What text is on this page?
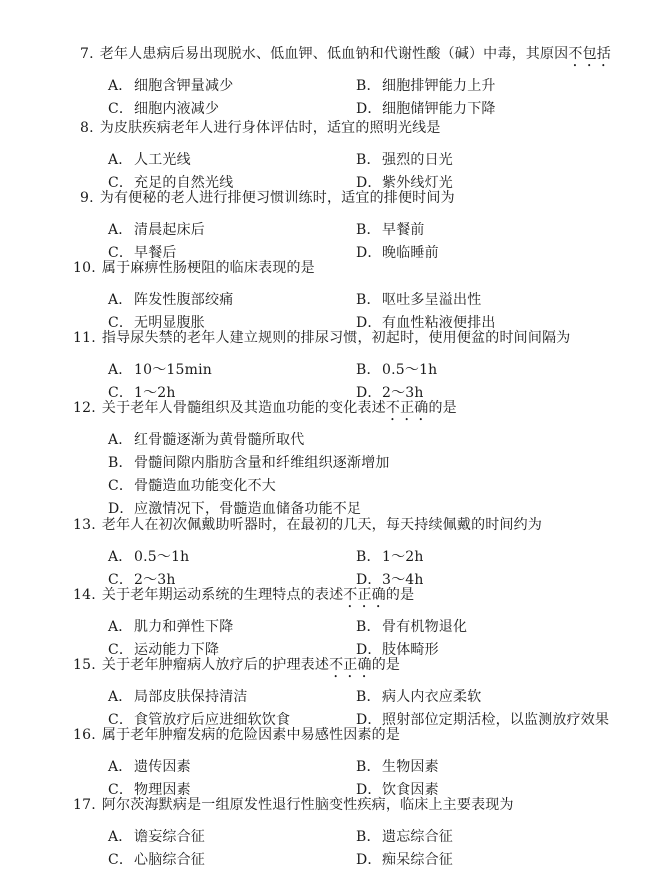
7. 老年人患病后易出现脱水、低血钾、低血钠和代谢性酸（碱）中毒，其原因不包括
A．细胞含钾量减少	B．细胞排钾能力上升
C．细胞内液减少	D．细胞储钾能力下降
8. 为皮肤疾病老年人进行身体评估时，适宜的照明光线是
A．人工光线	B．强烈的日光
C．充足的自然光线	D．紫外线灯光
9. 为有便秘的老人进行排便习惯训练时，适宜的排便时间为
A．清晨起床后	B．早餐前
C．早餐后	D．晚临睡前
10. 属于麻痹性肠梗阻的临床表现的是
A．阵发性腹部绞痛	B．呕吐多呈溢出性
C．无明显腹胀	D．有血性粘液便排出
11. 指导尿失禁的老年人建立规则的排尿习惯，初起时，使用便盆的时间间隔为
A．10～15min	B．0.5～1h
C．1～2h	D．2～3h
12. 关于老年人骨髓组织及其造血功能的变化表述不正确的是
A．红骨髓逐渐为黄骨髓所取代
B．骨髓间隙内脂肪含量和纤维组织逐渐增加
C．骨髓造血功能变化不大
D．应激情况下，骨髓造血储备功能不足
13. 老年人在初次佩戴助听器时，在最初的几天，每天持续佩戴的时间约为
A．0.5～1h	B．1～2h
C．2～3h	D．3～4h
14. 关于老年期运动系统的生理特点的表述不正确的是
A．肌力和弹性下降	B．骨有机物退化
C．运动能力下降	D．肢体畸形
15. 关于老年肿瘤病人放疗后的护理表述不正确的是
A．局部皮肤保持清洁	B．病人内衣应柔软
C．食管放疗后应进细软饮食	D．照射部位定期活检，以监测放疗效果
16. 属于老年肿瘤发病的危险因素中易感性因素的是
A．遗传因素	B．生物因素
C．物理因素	D．饮食因素
17. 阿尔茨海默病是一组原发性退行性脑变性疾病，临床上主要表现为
A．谵妄综合征	B．遗忘综合征
C．心脑综合征	D．痴呆综合征
